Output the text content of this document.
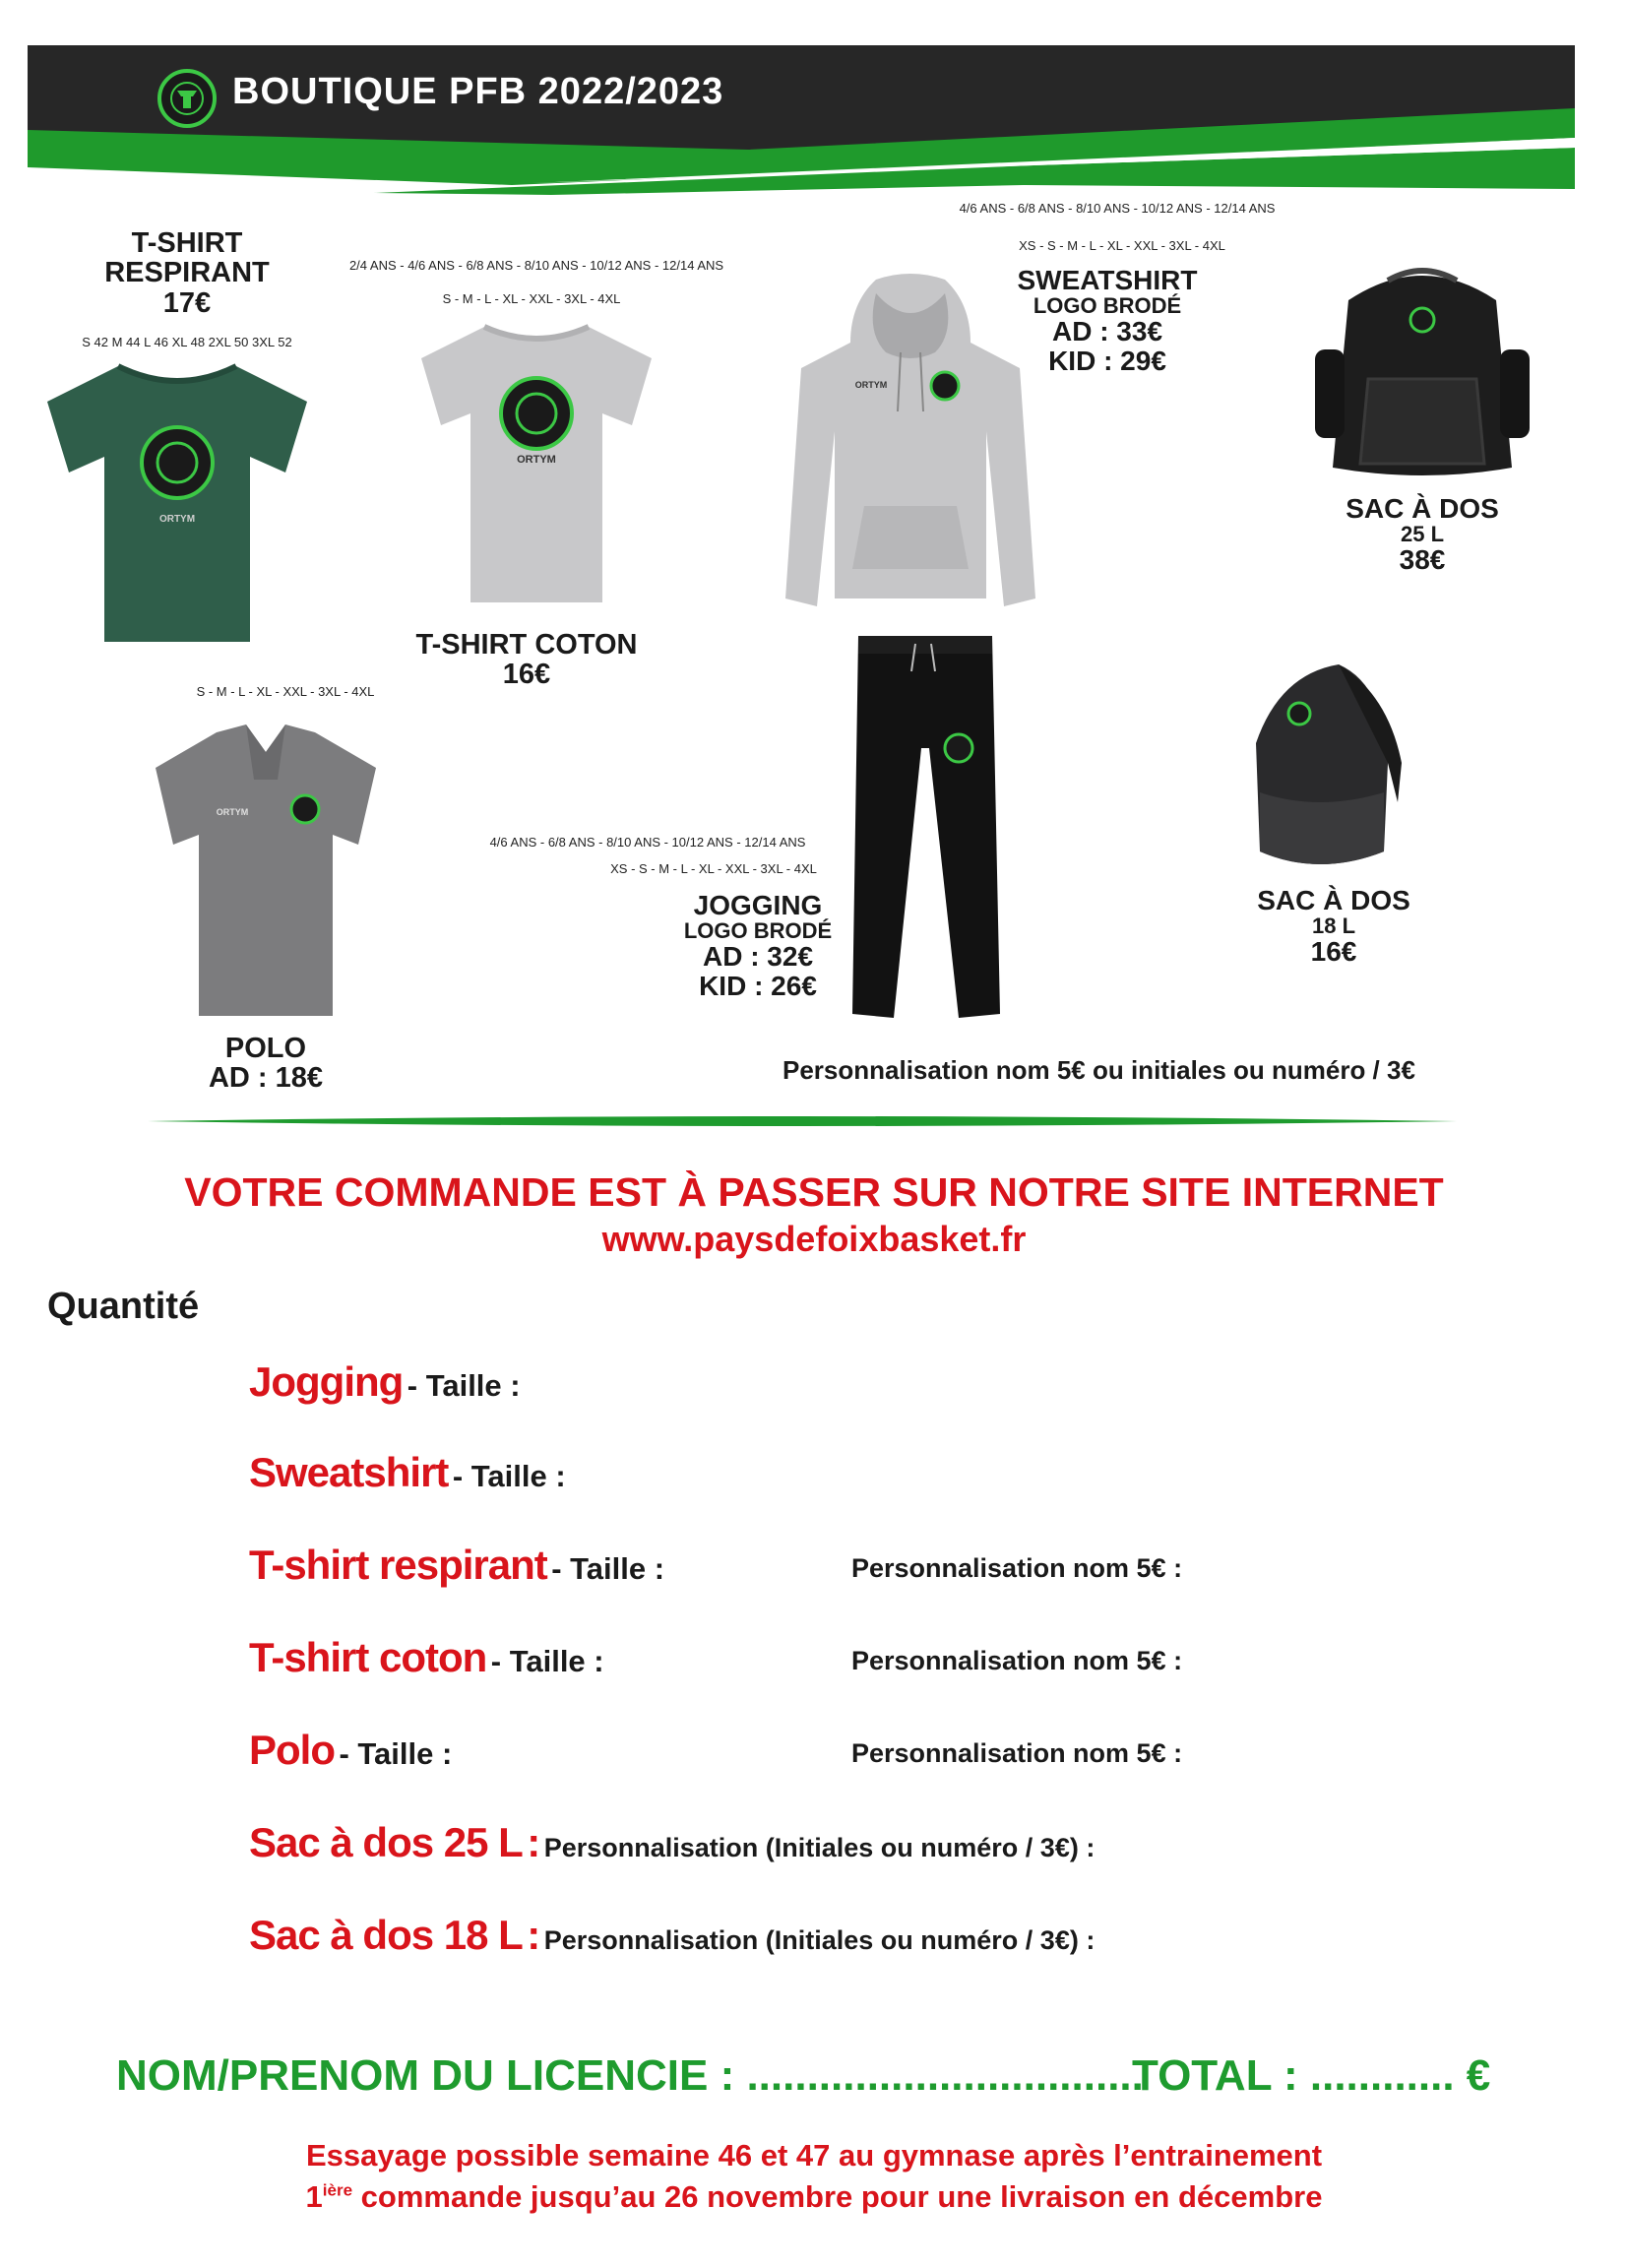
BOUTIQUE PFB 2022/2023
T-SHIRT
RESPIRANT
17€
S 42 M 44 L 46 XL 48 2XL 50 3XL 52
ORTYM
2/4 ANS - 4/6 ANS - 6/8 ANS - 8/10 ANS - 10/12 ANS - 12/14 ANS
S - M - L - XL - XXL - 3XL - 4XL
ORTYM
T-SHIRT COTON
16€
4/6 ANS - 6/8 ANS - 8/10 ANS - 10/12 ANS - 12/14 ANS
XS - S - M - L - XL - XXL - 3XL - 4XL
ORTYM
SWEATSHIRT
LOGO BRODÉ
AD : 33€
KID : 29€
SAC À DOS
25 L
38€
S - M - L - XL - XXL - 3XL - 4XL
ORTYM
POLO
AD : 18€
4/6 ANS - 6/8 ANS - 8/10 ANS - 10/12 ANS - 12/14 ANS
XS - S - M - L - XL - XXL - 3XL - 4XL
JOGGING
LOGO BRODÉ
AD : 32€
KID : 26€
SAC À DOS
18 L
16€
Personnalisation nom 5€ ou initiales ou numéro / 3€
VOTRE COMMANDE EST À PASSER SUR NOTRE SITE INTERNET
www.paysdefoixbasket.fr
Quantité
Jogging - Taille :
Sweatshirt - Taille :
T-shirt respirant - Taille :	Personnalisation nom 5€ :
T-shirt coton - Taille :	Personnalisation nom 5€ :
Polo - Taille :	Personnalisation nom 5€ :
Sac à dos 25 L : Personnalisation (Initiales ou numéro / 3€) :
Sac à dos 18 L : Personnalisation (Initiales ou numéro / 3€) :
NOM/PRENOM DU LICENCIE : .................................
TOTAL : ............ €
Essayage possible semaine 46 et 47 au gymnase après l’entrainement
$1^{ière}$ commande jusqu’au 26 novembre pour une livraison en décembre
